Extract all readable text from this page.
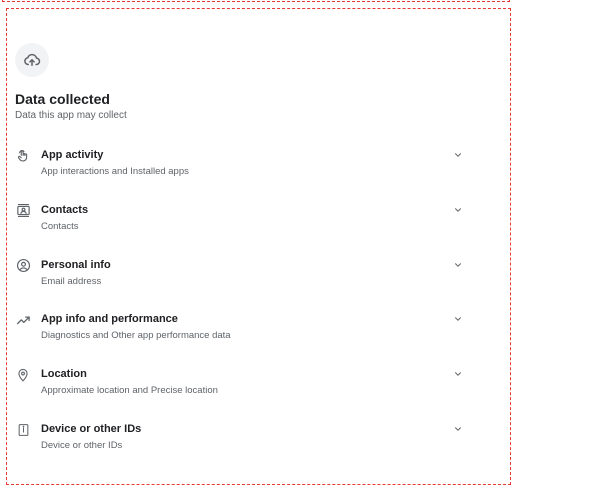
Data collected
Data this app may collect
App activity
App interactions and Installed apps
Contacts
Contacts
Personal info
Email address
App info and performance
Diagnostics and Other app performance data
Location
Approximate location and Precise location
Device or other IDs
Device or other IDs
